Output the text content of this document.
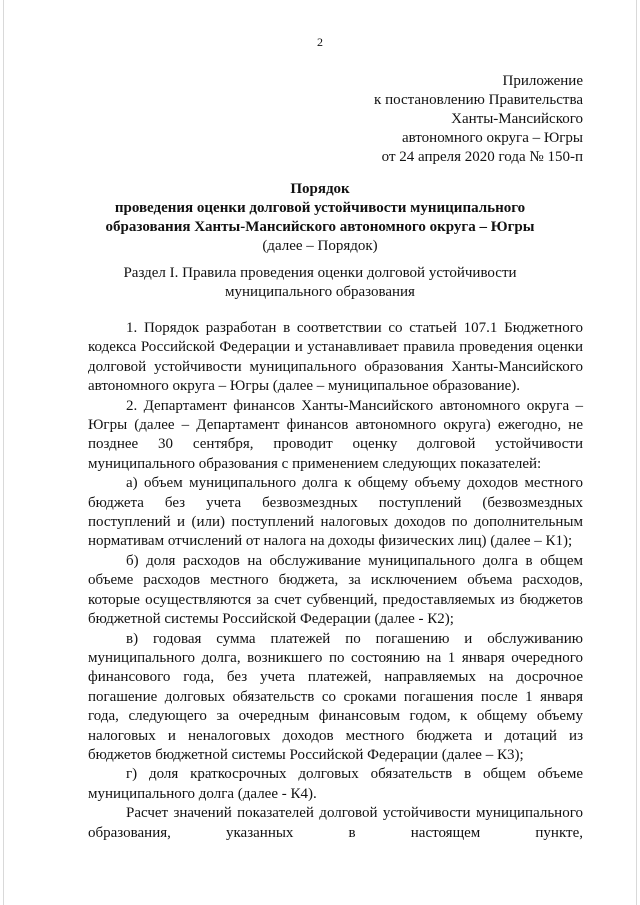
2
Приложение
к постановлению Правительства
Ханты-Мансийского
автономного округа – Югры
от 24 апреля 2020 года № 150-п
Порядок
проведения оценки долговой устойчивости муниципального
образования Ханты-Мансийского автономного округа – Югры
(далее – Порядок)
Раздел I. Правила проведения оценки долговой устойчивости
муниципального образования

1. Порядок разработан в соответствии со статьей 107.1 Бюджетного кодекса Российской Федерации и устанавливает правила проведения оценки долговой устойчивости муниципального образования Ханты-Мансийского автономного округа – Югры (далее – муниципальное образование).

2. Департамент финансов Ханты-Мансийского автономного округа – Югры (далее – Департамент финансов автономного округа) ежегодно, не позднее 30 сентября, проводит оценку долговой устойчивости муниципального образования с применением следующих показателей:

а) объем муниципального долга к общему объему доходов местного бюджета без учета безвозмездных поступлений (безвозмездных поступлений и (или) поступлений налоговых доходов по дополнительным нормативам отчислений от налога на доходы физических лиц) (далее – К1);

б) доля расходов на обслуживание муниципального долга в общем объеме расходов местного бюджета, за исключением объема расходов, которые осуществляются за счет субвенций, предоставляемых из бюджетов бюджетной системы Российской Федерации (далее - К2);

в) годовая сумма платежей по погашению и обслуживанию муниципального долга, возникшего по состоянию на 1 января очередного финансового года, без учета платежей, направляемых на досрочное погашение долговых обязательств со сроками погашения после 1 января года, следующего за очередным финансовым годом, к общему объему налоговых и неналоговых доходов местного бюджета и дотаций из бюджетов бюджетной системы Российской Федерации (далее – К3);

г) доля краткосрочных долговых обязательств в общем объеме муниципального долга (далее - К4).

Расчет значений показателей долговой устойчивости муниципального образования, указанных в настоящем пункте,
